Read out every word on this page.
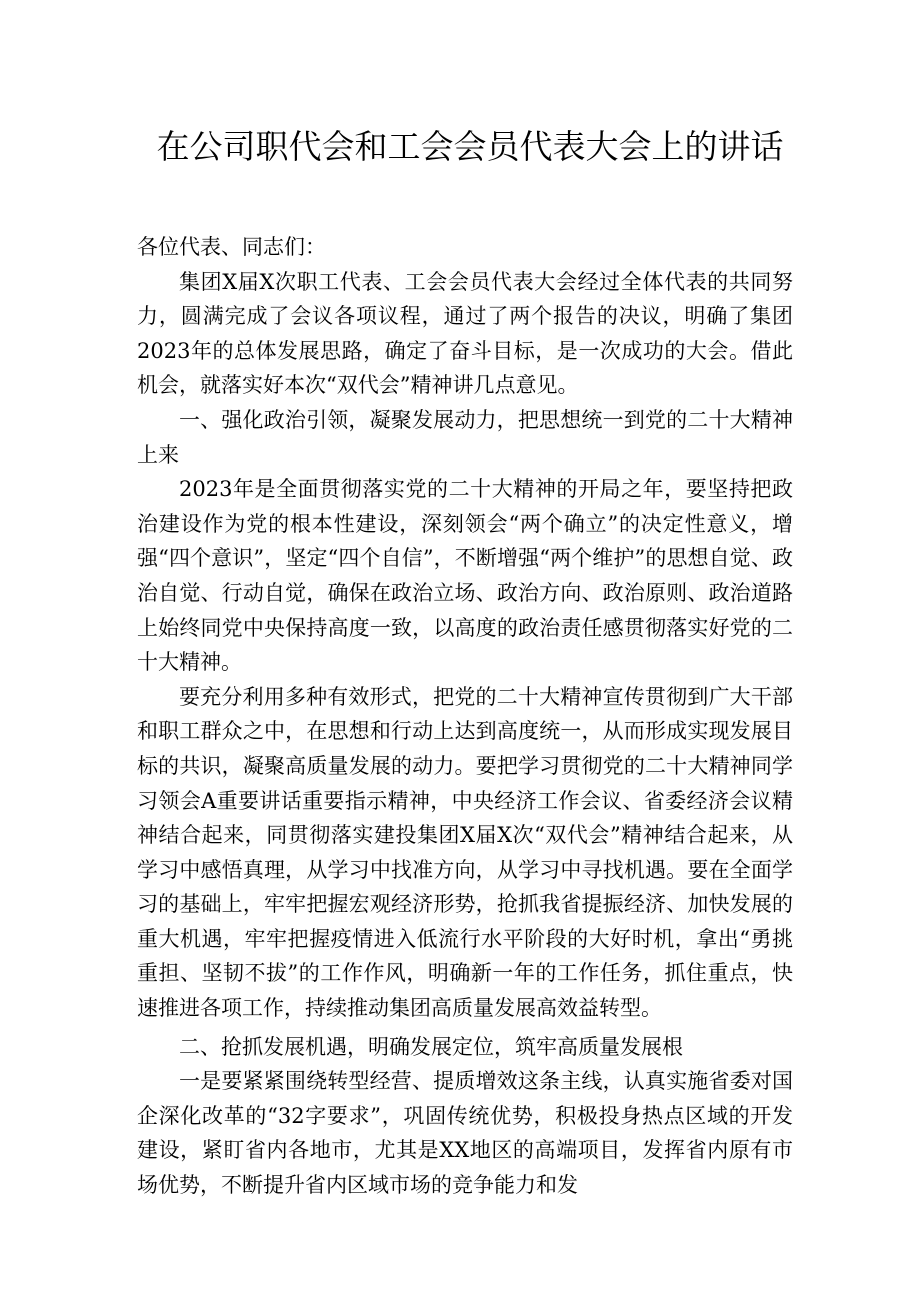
在公司职代会和工会会员代表大会上的讲话

各位代表、同志们：

集团X届X次职工代表、工会会员代表大会经过全体代表的共同努力，圆满完成了会议各项议程，通过了两个报告的决议，明确了集团2023年的总体发展思路，确定了奋斗目标，是一次成功的大会。借此机会，就落实好本次“双代会”精神讲几点意见。

一、强化政治引领，凝聚发展动力，把思想统一到党的二十大精神上来

2023年是全面贯彻落实党的二十大精神的开局之年，要坚持把政治建设作为党的根本性建设，深刻领会“两个确立”的决定性意义，增强“四个意识”，坚定“四个自信”，不断增强“两个维护”的思想自觉、政治自觉、行动自觉，确保在政治立场、政治方向、政治原则、政治道路上始终同党中央保持高度一致，以高度的政治责任感贯彻落实好党的二十大精神。

要充分利用多种有效形式，把党的二十大精神宣传贯彻到广大干部和职工群众之中，在思想和行动上达到高度统一，从而形成实现发展目标的共识，凝聚高质量发展的动力。要把学习贯彻党的二十大精神同学习领会A重要讲话重要指示精神，中央经济工作会议、省委经济会议精神结合起来，同贯彻落实建投集团X届X次“双代会”精神结合起来，从学习中感悟真理，从学习中找准方向，从学习中寻找机遇。要在全面学习的基础上，牢牢把握宏观经济形势，抢抓我省提振经济、加快发展的重大机遇，牢牢把握疫情进入低流行水平阶段的大好时机，拿出“勇挑重担、坚韧不拔”的工作作风，明确新一年的工作任务，抓住重点，快速推进各项工作，持续推动集团高质量发展高效益转型。

二、抢抓发展机遇，明确发展定位，筑牢高质量发展根

一是要紧紧围绕转型经营、提质增效这条主线，认真实施省委对国企深化改革的“32字要求”，巩固传统优势，积极投身热点区域的开发建设，紧盯省内各地市，尤其是XX地区的高端项目，发挥省内原有市场优势，不断提升省内区域市场的竞争能力和发
